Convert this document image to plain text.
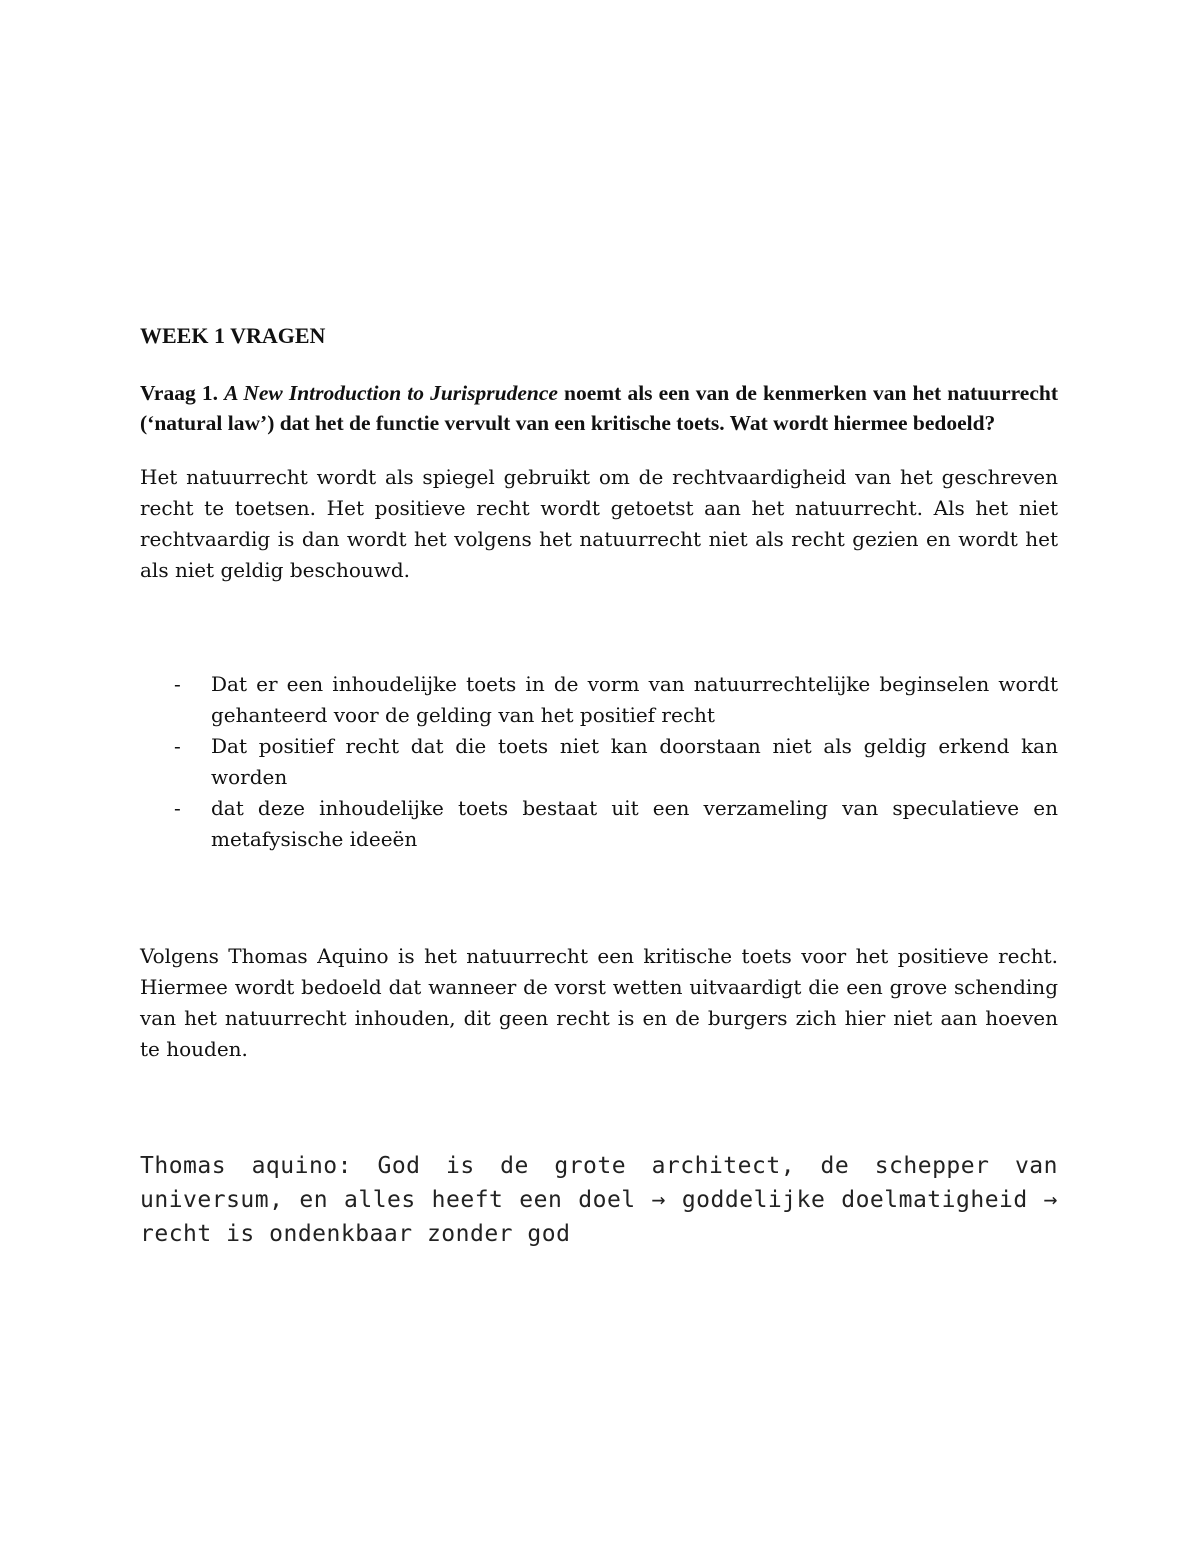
WEEK 1 VRAGEN

Vraag 1. A New Introduction to Jurisprudence noemt als een van de kenmerken van het natuurrecht (‘natural law’) dat het de functie vervult van een kritische toets. Wat wordt hiermee bedoeld?

Het natuurrecht wordt als spiegel gebruikt om de rechtvaardigheid van het geschreven recht te toetsen. Het positieve recht wordt getoetst aan het natuurrecht. Als het niet rechtvaardig is dan wordt het volgens het natuurrecht niet als recht gezien en wordt het als niet geldig beschouwd.

- Dat er een inhoudelijke toets in de vorm van natuurrechtelijke beginselen wordt gehanteerd voor de gelding van het positief recht
- Dat positief recht dat die toets niet kan doorstaan niet als geldig erkend kan worden
- dat deze inhoudelijke toets bestaat uit een verzameling van speculatieve en metafysische ideeën

Volgens Thomas Aquino is het natuurrecht een kritische toets voor het positieve recht. Hiermee wordt bedoeld dat wanneer de vorst wetten uitvaardigt die een grove schending van het natuurrecht inhouden, dit geen recht is en de burgers zich hier niet aan hoeven te houden.

Thomas aquino: God is de grote architect, de schepper van universum, en alles heeft een doel → goddelijke doelmatigheid → recht is ondenkbaar zonder god
